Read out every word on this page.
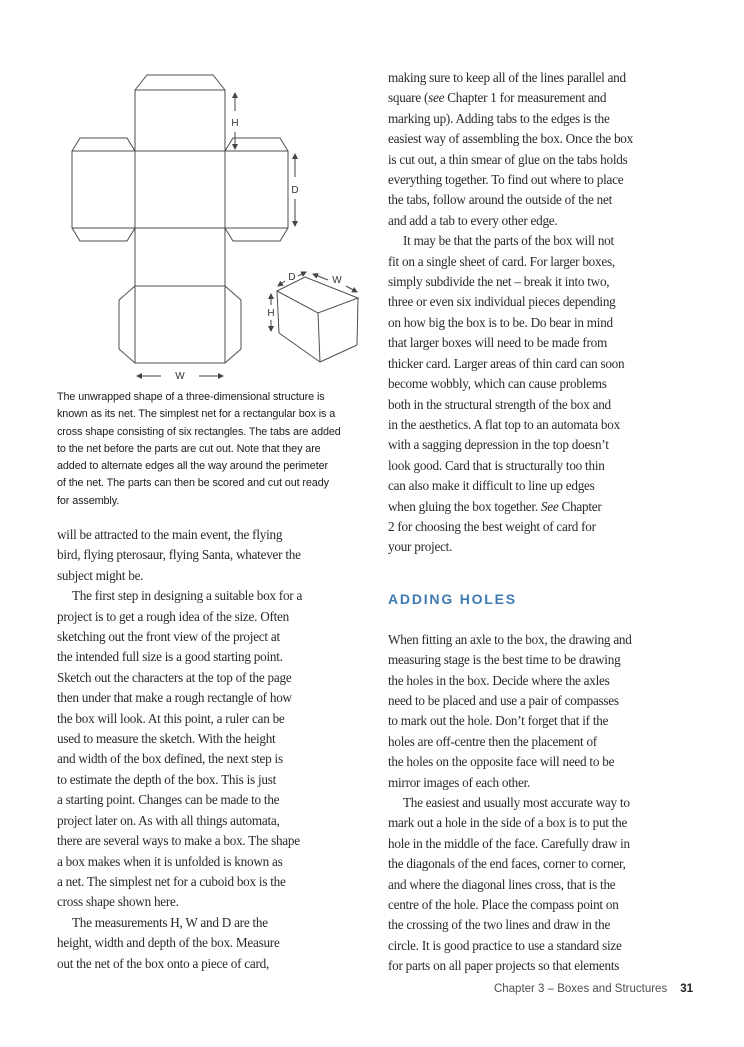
H
D
W
D	W
H
The unwrapped shape of a three-dimensional structure is
known as its net. The simplest net for a rectangular box is a
cross shape consisting of six rectangles. The tabs are added
to the net before the parts are cut out. Note that they are
added to alternate edges all the way around the perimeter
of the net. The parts can then be scored and cut out ready
for assembly.
will be attracted to the main event, the flying
bird, flying pterosaur, flying Santa, whatever the
subject might be.
The first step in designing a suitable box for a
project is to get a rough idea of the size. Often
sketching out the front view of the project at
the intended full size is a good starting point.
Sketch out the characters at the top of the page
then under that make a rough rectangle of how
the box will look. At this point, a ruler can be
used to measure the sketch. With the height
and width of the box defined, the next step is
to estimate the depth of the box. This is just
a starting point. Changes can be made to the
project later on. As with all things automata,
there are several ways to make a box. The shape
a box makes when it is unfolded is known as
a net. The simplest net for a cuboid box is the
cross shape shown here.
The measurements H, W and D are the
height, width and depth of the box. Measure
out the net of the box onto a piece of card,
making sure to keep all of the lines parallel and
square (see Chapter 1 for measurement and
marking up). Adding tabs to the edges is the
easiest way of assembling the box. Once the box
is cut out, a thin smear of glue on the tabs holds
everything together. To find out where to place
the tabs, follow around the outside of the net
and add a tab to every other edge.
It may be that the parts of the box will not
fit on a single sheet of card. For larger boxes,
simply subdivide the net – break it into two,
three or even six individual pieces depending
on how big the box is to be. Do bear in mind
that larger boxes will need to be made from
thicker card. Larger areas of thin card can soon
become wobbly, which can cause problems
both in the structural strength of the box and
in the aesthetics. A flat top to an automata box
with a sagging depression in the top doesn’t
look good. Card that is structurally too thin
can also make it difficult to line up edges
when gluing the box together. See Chapter
2 for choosing the best weight of card for
your project.
ADDING HOLES
When fitting an axle to the box, the drawing and
measuring stage is the best time to be drawing
the holes in the box. Decide where the axles
need to be placed and use a pair of compasses
to mark out the hole. Don’t forget that if the
holes are off-centre then the placement of
the holes on the opposite face will need to be
mirror images of each other.
The easiest and usually most accurate way to
mark out a hole in the side of a box is to put the
hole in the middle of the face. Carefully draw in
the diagonals of the end faces, corner to corner,
and where the diagonal lines cross, that is the
centre of the hole. Place the compass point on
the crossing of the two lines and draw in the
circle. It is good practice to use a standard size
for parts on all paper projects so that elements
Chapter 3 – Boxes and Structures 31
